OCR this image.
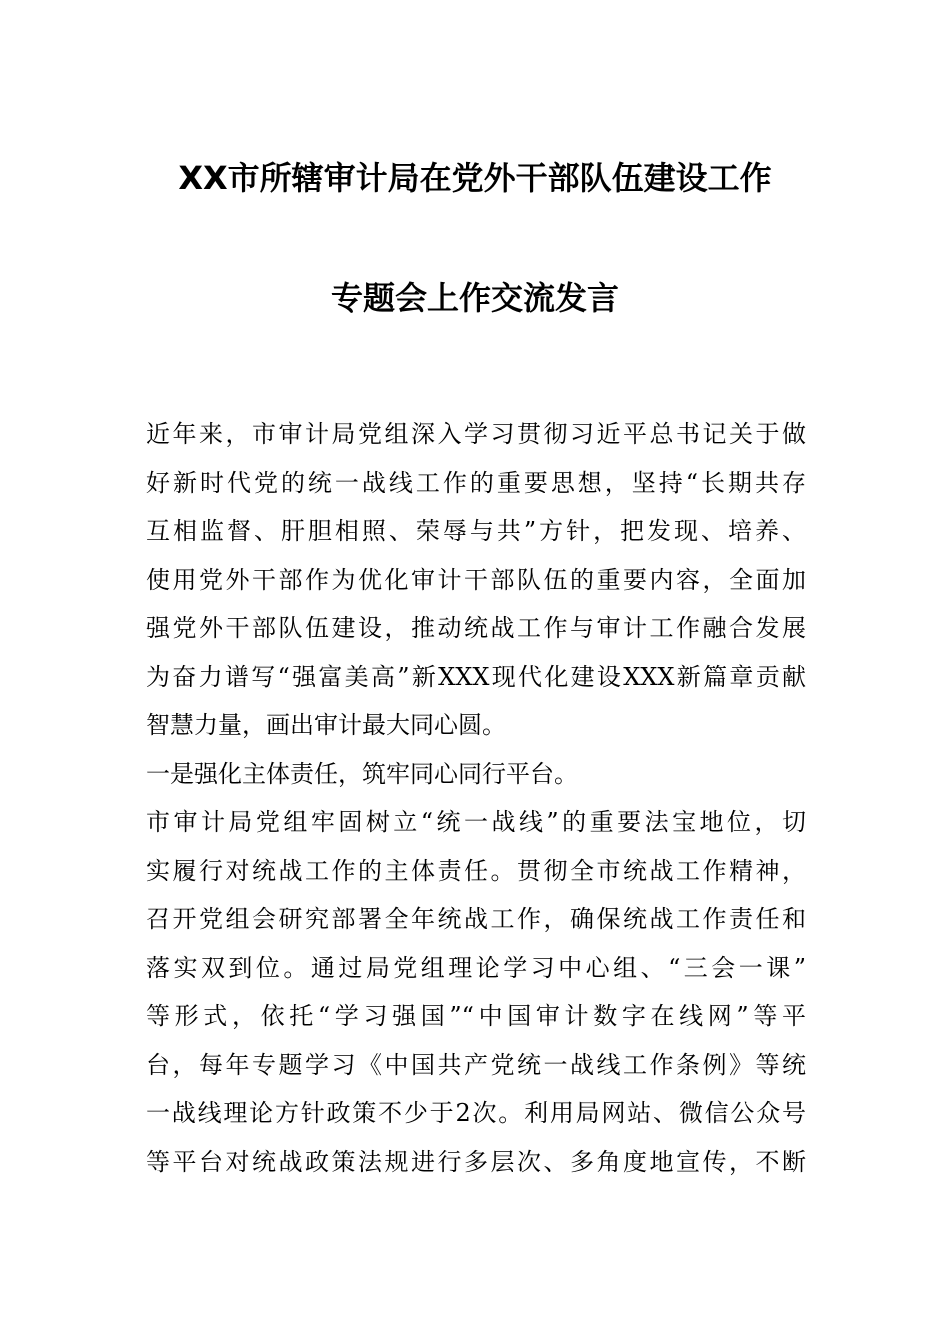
XX市所辖审计局在党外干部队伍建设工作
专题会上作交流发言
近年来，市审计局党组深入学习贯彻习近平总书记关于做
好新时代党的统一战线工作的重要思想，坚持“长期共存
互相监督、肝胆相照、荣辱与共”方针，把发现、培养、
使用党外干部作为优化审计干部队伍的重要内容，全面加
强党外干部队伍建设，推动统战工作与审计工作融合发展
为奋力谱写“强富美高”新XXX现代化建设XXX新篇章贡献
智慧力量，画出审计最大同心圆。
一是强化主体责任，筑牢同心同行平台。
市审计局党组牢固树立“统一战线”的重要法宝地位，切
实履行对统战工作的主体责任。贯彻全市统战工作精神，
召开党组会研究部署全年统战工作，确保统战工作责任和
落实双到位。通过局党组理论学习中心组、“三会一课”
等形式，依托“学习强国”“中国审计数字在线网”等平
台，每年专题学习《中国共产党统一战线工作条例》等统
一战线理论方针政策不少于2次。利用局网站、微信公众号
等平台对统战政策法规进行多层次、多角度地宣传，不断
